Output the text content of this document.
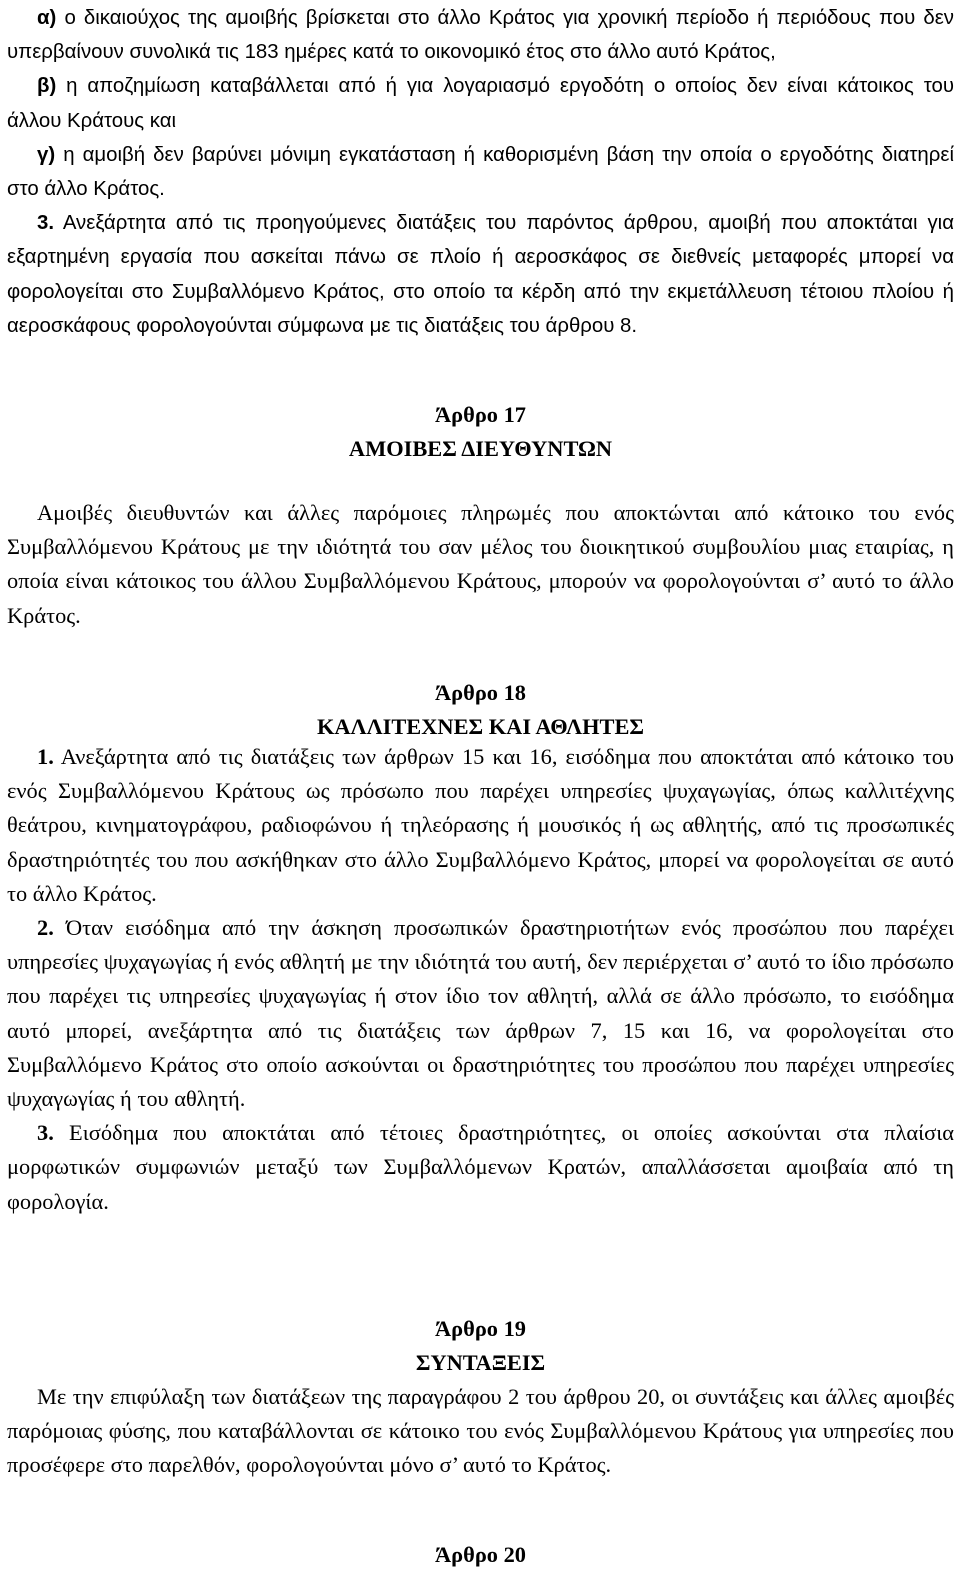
α) ο δικαιούχος της αμοιβής βρίσκεται στο άλλο Κράτος για χρονική περίοδο ή περιόδους που δεν υπερβαίνουν συνολικά τις 183 ημέρες κατά το οικονομικό έτος στο άλλο αυτό Κράτος,

β) η αποζημίωση καταβάλλεται από ή για λογαριασμό εργοδότη ο οποίος δεν είναι κάτοικος του άλλου Κράτους και

γ) η αμοιβή δεν βαρύνει μόνιμη εγκατάσταση ή καθορισμένη βάση την οποία ο εργοδότης διατηρεί στο άλλο Κράτος.

3. Ανεξάρτητα από τις προηγούμενες διατάξεις του παρόντος άρθρου, αμοιβή που αποκτάται για εξαρτημένη εργασία που ασκείται πάνω σε πλοίο ή αεροσκάφος σε διεθνείς μεταφορές μπορεί να φορολογείται στο Συμβαλλόμενο Κράτος, στο οποίο τα κέρδη από την εκμετάλλευση τέτοιου πλοίου ή αεροσκάφους φορολογούνται σύμφωνα με τις διατάξεις του άρθρου 8.

Άρθρο 17

ΑΜΟΙΒΕΣ ΔΙΕΥΘΥΝΤΩΝ

Αμοιβές διευθυντών και άλλες παρόμοιες πληρωμές που αποκτώνται από κάτοικο του ενός Συμβαλλόμενου Κράτους με την ιδιότητά του σαν μέλος του διοικητικού συμβουλίου μιας εταιρίας, η οποία είναι κάτοικος του άλλου Συμβαλλόμενου Κράτους, μπορούν να φορολογούνται σ’ αυτό το άλλο Κράτος.

Άρθρο 18

ΚΑΛΛΙΤΕΧΝΕΣ ΚΑΙ ΑΘΛΗΤΕΣ

1. Ανεξάρτητα από τις διατάξεις των άρθρων 15 και 16, εισόδημα που αποκτάται από κάτοικο του ενός Συμβαλλόμενου Κράτους ως πρόσωπο που παρέχει υπηρεσίες ψυχαγωγίας, όπως καλλιτέχνης θεάτρου, κινηματογράφου, ραδιοφώνου ή τηλεόρασης ή μουσικός ή ως αθλητής, από τις προσωπικές δραστηριότητές του που ασκήθηκαν στο άλλο Συμβαλλόμενο Κράτος, μπορεί να φορολογείται σε αυτό το άλλο Κράτος.

2. Όταν εισόδημα από την άσκηση προσωπικών δραστηριοτήτων ενός προσώπου που παρέχει υπηρεσίες ψυχαγωγίας ή ενός αθλητή με την ιδιότητά του αυτή, δεν περιέρχεται σ’ αυτό το ίδιο πρόσωπο που παρέχει τις υπηρεσίες ψυχαγωγίας ή στον ίδιο τον αθλητή, αλλά σε άλλο πρόσωπο, το εισόδημα αυτό μπορεί, ανεξάρτητα από τις διατάξεις των άρθρων 7, 15 και 16, να φορολογείται στο Συμβαλλόμενο Κράτος στο οποίο ασκούνται οι δραστηριότητες του προσώπου που παρέχει υπηρεσίες ψυχαγωγίας ή του αθλητή.

3. Εισόδημα που αποκτάται από τέτοιες δραστηριότητες, οι οποίες ασκούνται στα πλαίσια μορφωτικών συμφωνιών μεταξύ των Συμβαλλόμενων Κρατών, απαλλάσσεται αμοιβαία από τη φορολογία.

Άρθρο 19

ΣΥΝΤΑΞΕΙΣ

Με την επιφύλαξη των διατάξεων της παραγράφου 2 του άρθρου 20, οι συντάξεις και άλλες αμοιβές παρόμοιας φύσης, που καταβάλλονται σε κάτοικο του ενός Συμβαλλόμενου Κράτους για υπηρεσίες που προσέφερε στο παρελθόν, φορολογούνται μόνο σ’ αυτό το Κράτος.

Άρθρο 20
